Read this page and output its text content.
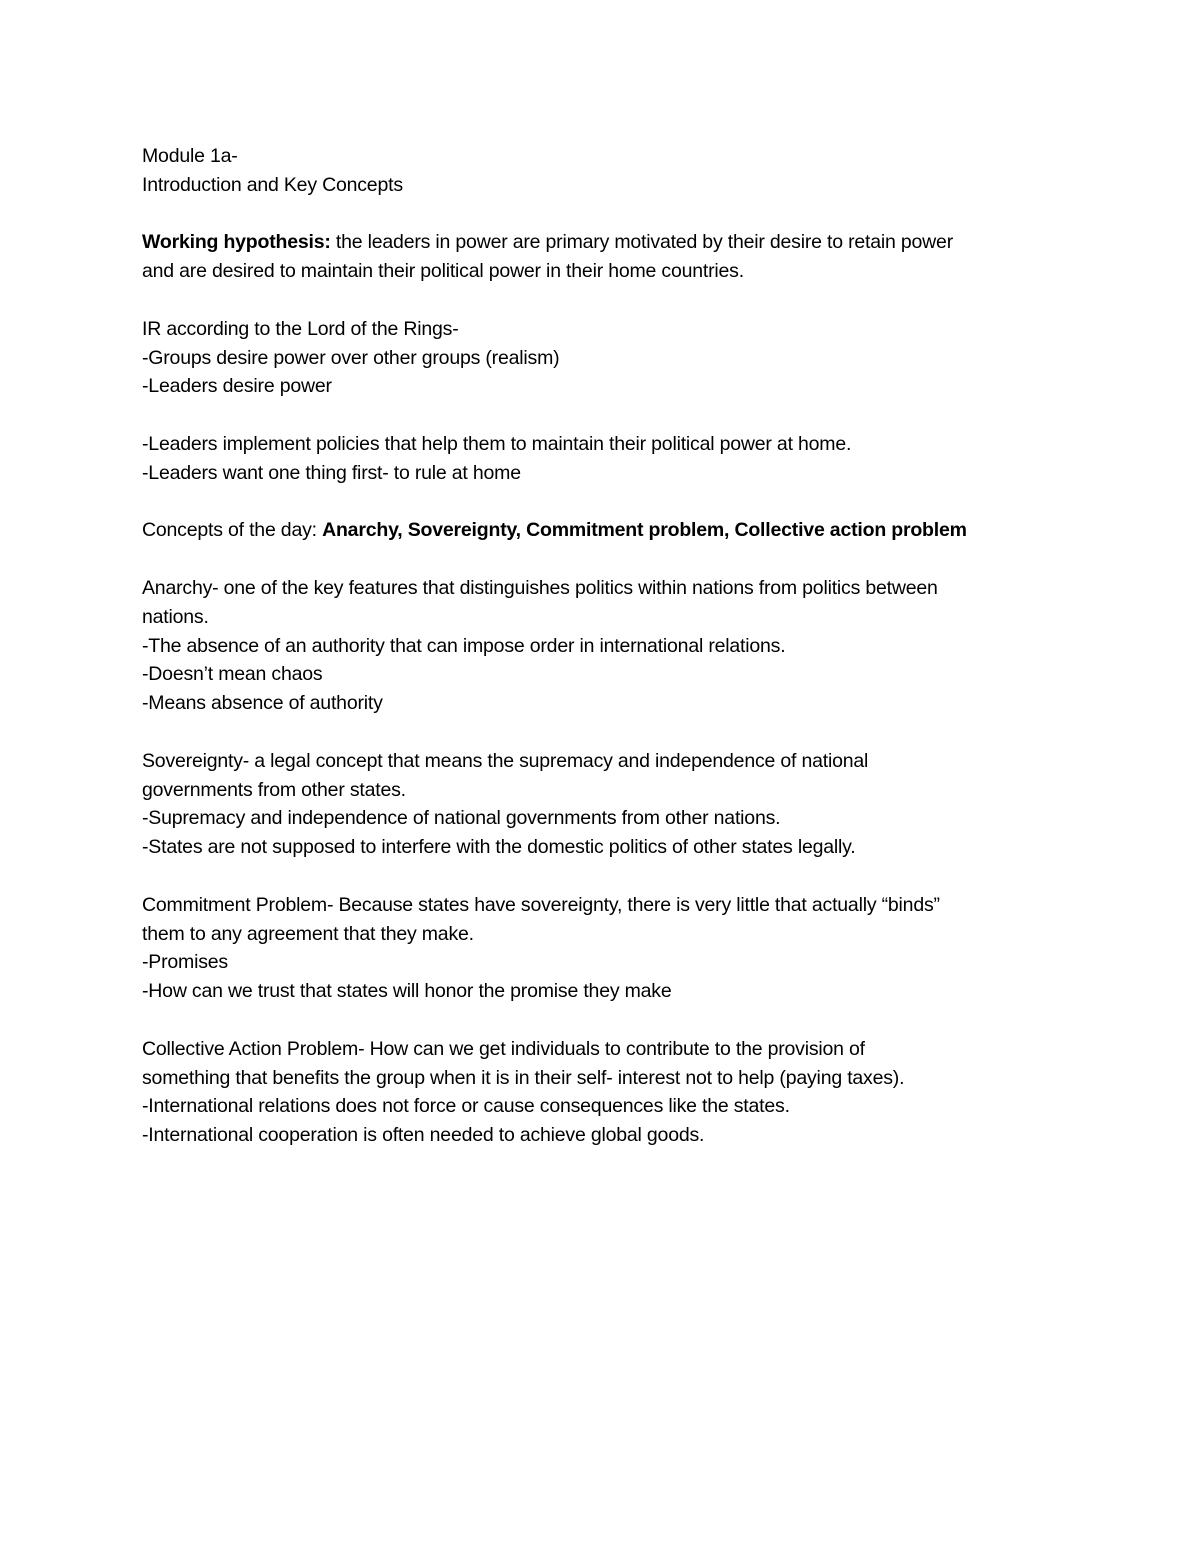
Module 1a-
Introduction and Key Concepts
Working hypothesis: the leaders in power are primary motivated by their desire to retain power
and are desired to maintain their political power in their home countries.
IR according to the Lord of the Rings-
-Groups desire power over other groups (realism)
-Leaders desire power
-Leaders implement policies that help them to maintain their political power at home.
-Leaders want one thing first- to rule at home
Concepts of the day: Anarchy, Sovereignty, Commitment problem, Collective action problem
Anarchy- one of the key features that distinguishes politics within nations from politics between
nations.
-The absence of an authority that can impose order in international relations.
-Doesn’t mean chaos
-Means absence of authority
Sovereignty- a legal concept that means the supremacy and independence of national
governments from other states.
-Supremacy and independence of national governments from other nations.
-States are not supposed to interfere with the domestic politics of other states legally.
Commitment Problem- Because states have sovereignty, there is very little that actually “binds”
them to any agreement that they make.
-Promises
-How can we trust that states will honor the promise they make
Collective Action Problem- How can we get individuals to contribute to the provision of
something that benefits the group when it is in their self- interest not to help (paying taxes).
-International relations does not force or cause consequences like the states.
-International cooperation is often needed to achieve global goods.
